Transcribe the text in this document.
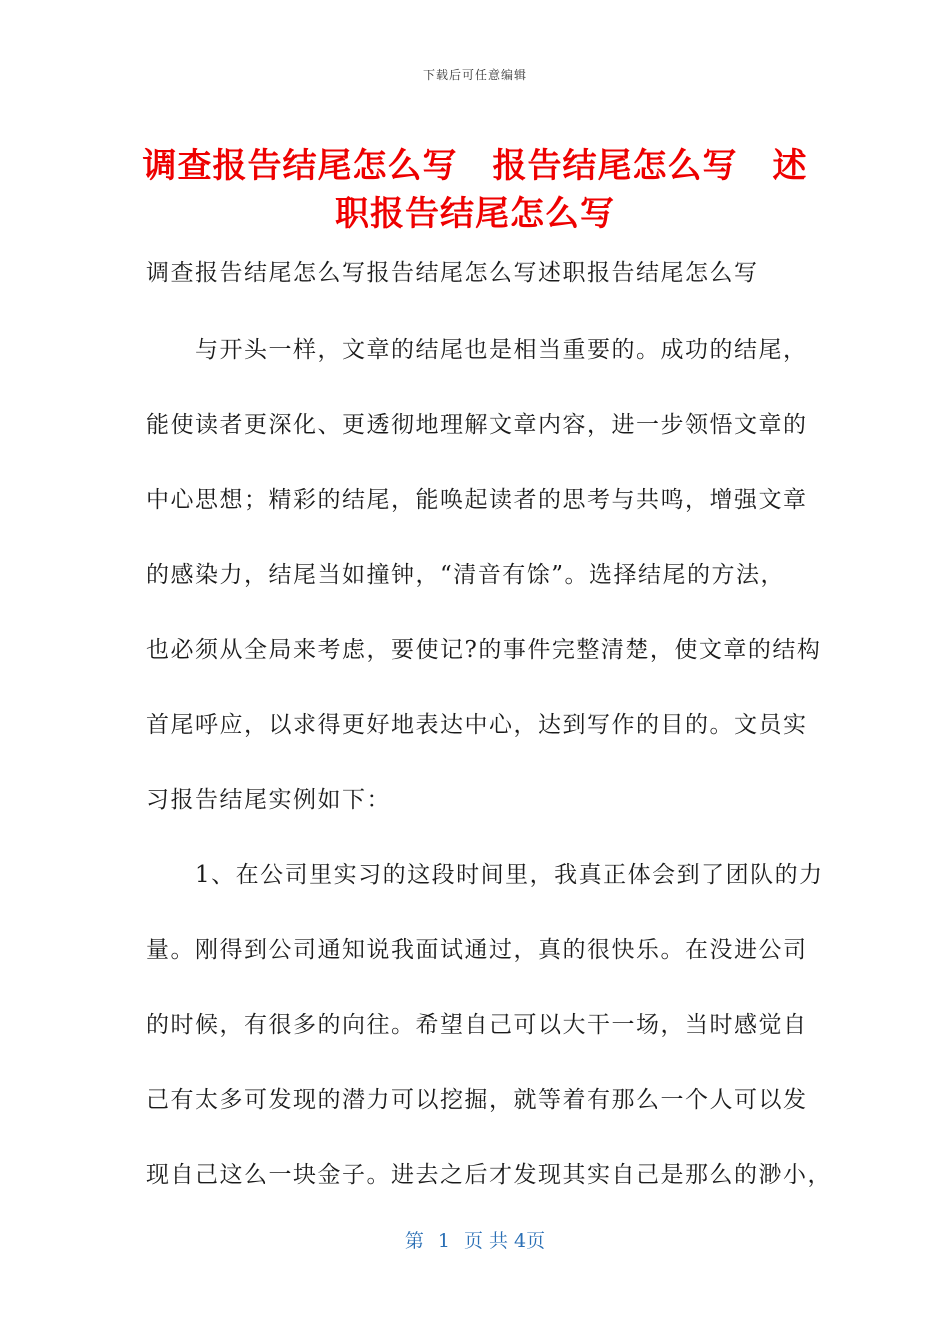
下载后可任意编辑
调查报告结尾怎么写　报告结尾怎么写　述
职报告结尾怎么写
调查报告结尾怎么写报告结尾怎么写述职报告结尾怎么写
　　与开头一样，文章的结尾也是相当重要的。成功的结尾，
能使读者更深化、更透彻地理解文章内容，进一步领悟文章的
中心思想；精彩的结尾，能唤起读者的思考与共鸣，增强文章
的感染力，结尾当如撞钟，“清音有馀”。选择结尾的方法，
也必须从全局来考虑，要使记?的事件完整清楚，使文章的结构
首尾呼应，以求得更好地表达中心，达到写作的目的。文员实
习报告结尾实例如下：
　　1、在公司里实习的这段时间里，我真正体会到了团队的力
量。刚得到公司通知说我面试通过，真的很快乐。在没进公司
的时候，有很多的向往。希望自己可以大干一场，当时感觉自
己有太多可发现的潜力可以挖掘，就等着有那么一个人可以发
现自己这么一块金子。进去之后才发现其实自己是那么的渺小，
第 1 页 共 4页
